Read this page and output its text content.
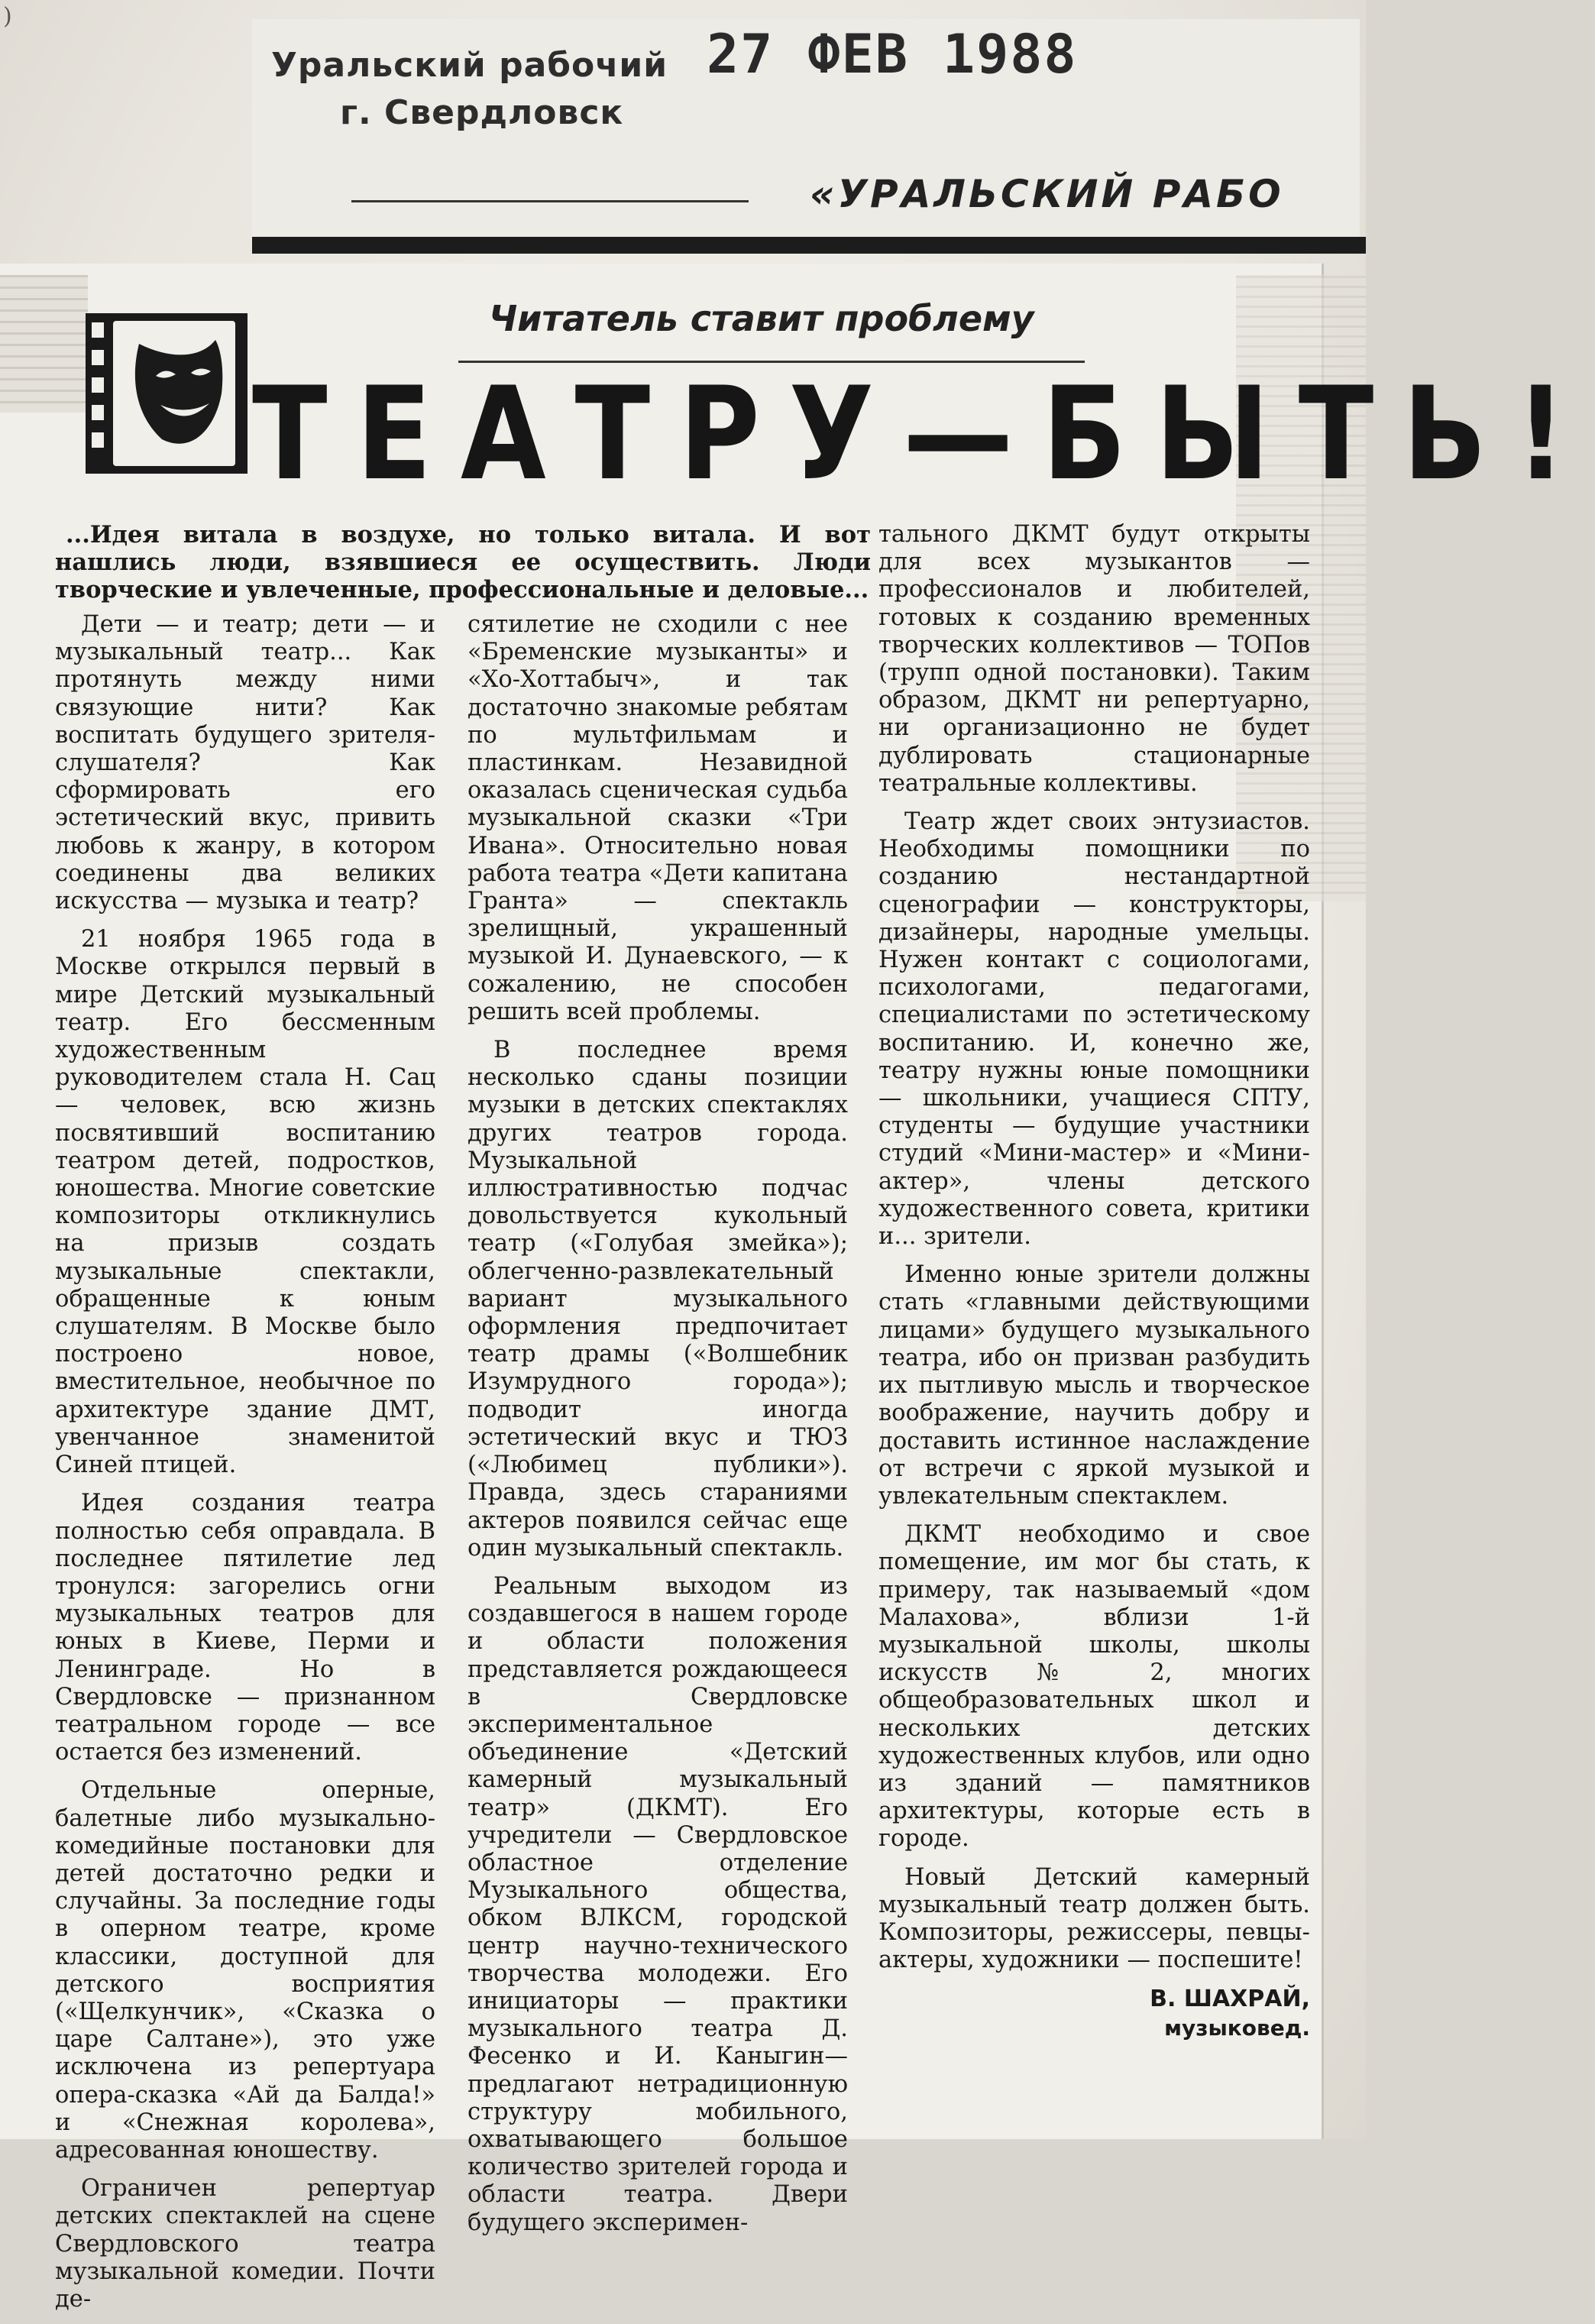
)
Уральский рабочий
г. Свердловск
27 ФЕВ 1988
«УРАЛЬСКИЙ РАБО
Читатель ставит проблему
ТЕАТРУ—БЫТЬ!
...Идея витала в воздухе, но только витала. И вот нашлись люди, взявшиеся ее осуществить. Люди творческие и увлеченные, профессиональные и деловые...

Дети — и театр; дети — и музыкальный театр... Как протянуть между ними связующие нити? Как воспитать будущего зрителя-слушателя? Как сформировать его эстетический вкус, привить любовь к жанру, в котором соединены два великих искусства — музыка и театр?

21 ноября 1965 года в Москве открылся первый в мире Детский музыкальный театр. Его бессменным художественным руководителем стала Н. Сац — человек, всю жизнь посвятивший воспитанию театром детей, подростков, юношества. Многие советские композиторы откликнулись на призыв создать музыкальные спектакли, обращенные к юным слушателям. В Москве было построено новое, вместительное, необычное по архитектуре здание ДМТ, увенчанное знаменитой Синей птицей.

Идея создания театра полностью себя оправдала. В последнее пятилетие лед тронулся: загорелись огни музыкальных театров для юных в Киеве, Перми и Ленинграде. Но в Свердловске — признанном театральном городе — все остается без изменений.

Отдельные оперные, балетные либо музыкально-комедийные постановки для детей достаточно редки и случайны. За последние годы в оперном театре, кроме классики, доступной для детского восприятия («Щелкунчик», «Сказка о царе Салтане»), это уже исключена из репертуара опера-сказка «Ай да Балда!» и «Снежная королева», адресованная юношеству.

Ограничен репертуар детских спектаклей на сцене Свердловского театра музыкальной комедии. Почти де-

сятилетие не сходили с нее «Бременские музыканты» и «Хо-Хоттабыч», и так достаточно знакомые ребятам по мультфильмам и пластинкам. Незавидной оказалась сценическая судьба музыкальной сказки «Три Ивана». Относительно новая работа театра «Дети капитана Гранта» — спектакль зрелищный, украшенный музыкой И. Дунаевского, — к сожалению, не способен решить всей проблемы.

В последнее время несколько сданы позиции музыки в детских спектаклях других театров города. Музыкальной иллюстративностью подчас довольствуется кукольный театр («Голубая змейка»); облегченно-развлекательный вариант музыкального оформления предпочитает театр драмы («Волшебник Изумрудного города»); подводит иногда эстетический вкус и ТЮЗ («Любимец публики»). Правда, здесь стараниями актеров появился сейчас еще один музыкальный спектакль.

Реальным выходом из создавшегося в нашем городе и области положения представляется рождающееся в Свердловске экспериментальное объединение «Детский камерный музыкальный театр» (ДКМТ). Его учредители — Свердловское областное отделение Музыкального общества, обком ВЛКСМ, городской центр научно-технического творчества молодежи. Его инициаторы — практики музыкального театра Д. Фесенко и И. Каныгин—предлагают нетрадиционную структуру мобильного, охватывающего большое количество зрителей города и области театра. Двери будущего эксперимен-

тального ДКМТ будут открыты для всех музыкантов — профессионалов и любителей, готовых к созданию временных творческих коллективов — ТОПов (трупп одной постановки). Таким образом, ДКМТ ни репертуарно, ни организационно не будет дублировать стационарные театральные коллективы.

Театр ждет своих энтузиастов. Необходимы помощники по созданию нестандартной сценографии — конструкторы, дизайнеры, народные умельцы. Нужен контакт с социологами, психологами, педагогами, специалистами по эстетическому воспитанию. И, конечно же, театру нужны юные помощники — школьники, учащиеся СПТУ, студенты — будущие участники студий «Мини-мастер» и «Мини-актер», члены детского художественного совета, критики и... зрители.

Именно юные зрители должны стать «главными действующими лицами» будущего музыкального театра, ибо он призван разбудить их пытливую мысль и творческое воображение, научить добру и доставить истинное наслаждение от встречи с яркой музыкой и увлекательным спектаклем.

ДКМТ необходимо и свое помещение, им мог бы стать, к примеру, так называемый «дом Малахова», вблизи 1-й музыкальной школы, школы искусств № 2, многих общеобразовательных школ и нескольких детских художественных клубов, или одно из зданий — памятников архитектуры, которые есть в городе.

Новый Детский камерный музыкальный театр должен быть. Композиторы, режиссеры, певцы-актеры, художники — поспешите!

В. ШАХРАЙ,
музыковед.
